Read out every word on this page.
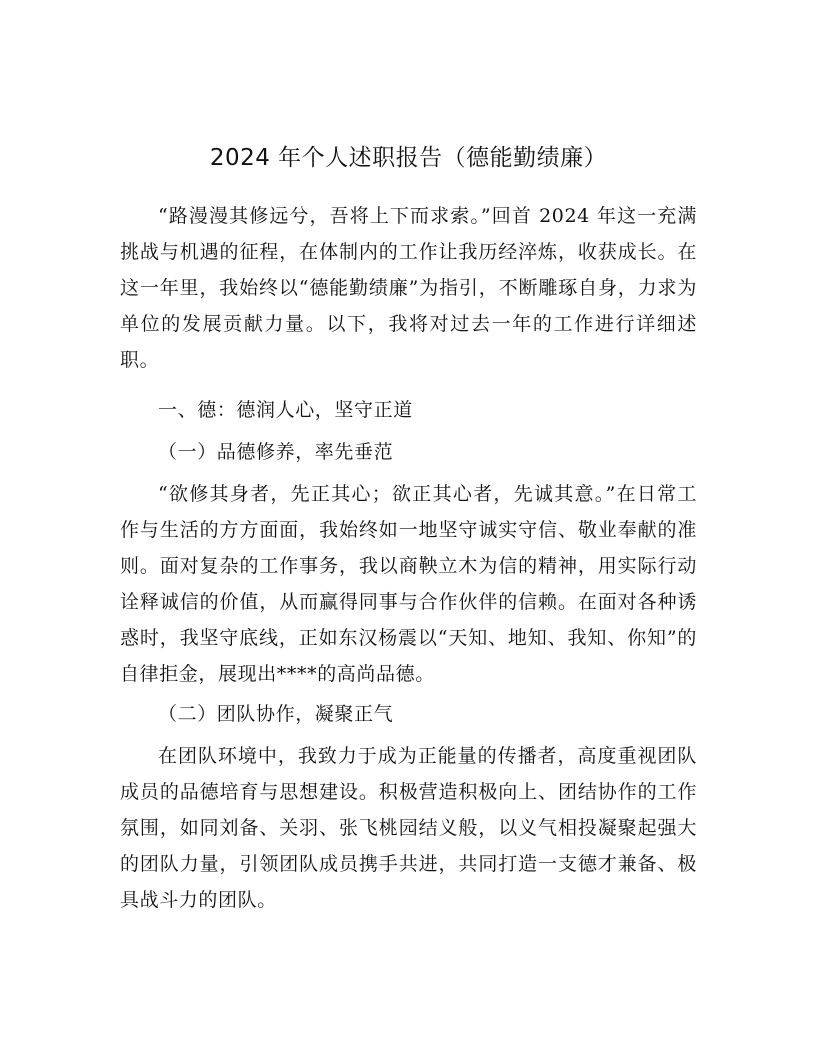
2024 年个人述职报告（德能勤绩廉）

“路漫漫其修远兮，吾将上下而求索。”回首 2024 年这一充满挑战与机遇的征程，在体制内的工作让我历经淬炼，收获成长。在这一年里，我始终以“德能勤绩廉”为指引，不断雕琢自身，力求为单位的发展贡献力量。以下，我将对过去一年的工作进行详细述职。

一、德：德润人心，坚守正道

（一）品德修养，率先垂范

“欲修其身者，先正其心；欲正其心者，先诚其意。”在日常工作与生活的方方面面，我始终如一地坚守诚实守信、敬业奉献的准则。面对复杂的工作事务，我以商鞅立木为信的精神，用实际行动诠释诚信的价值，从而赢得同事与合作伙伴的信赖。在面对各种诱惑时，我坚守底线，正如东汉杨震以“天知、地知、我知、你知”的自律拒金，展现出****的高尚品德。

（二）团队协作，凝聚正气

在团队环境中，我致力于成为正能量的传播者，高度重视团队成员的品德培育与思想建设。积极营造积极向上、团结协作的工作氛围，如同刘备、关羽、张飞桃园结义般，以义气相投凝聚起强大的团队力量，引领团队成员携手共进，共同打造一支德才兼备、极具战斗力的团队。
